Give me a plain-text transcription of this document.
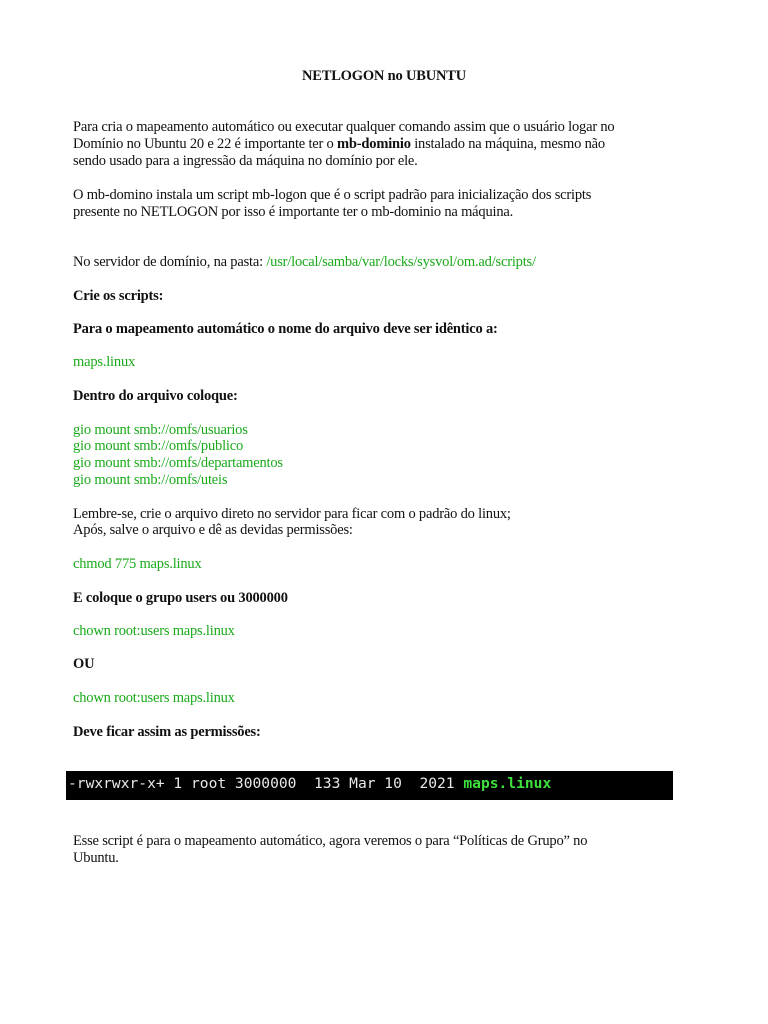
NETLOGON no UBUNTU
Para cria o mapeamento automático ou executar qualquer comando assim que o usuário logar no
Domínio no Ubuntu 20 e 22 é importante ter o mb-dominio instalado na máquina, mesmo não
sendo usado para a ingressão da máquina no domínio por ele.
O mb-domino instala um script mb-logon que é o script padrão para inicialização dos scripts
presente no NETLOGON por isso é importante ter o mb-dominio na máquina.
No servidor de domínio, na pasta: /usr/local/samba/var/locks/sysvol/om.ad/scripts/
Crie os scripts:
Para o mapeamento automático o nome do arquivo deve ser idêntico a:
maps.linux
Dentro do arquivo coloque:
gio mount smb://omfs/usuarios
gio mount smb://omfs/publico
gio mount smb://omfs/departamentos
gio mount smb://omfs/uteis
Lembre-se, crie o arquivo direto no servidor para ficar com o padrão do linux;
Após, salve o arquivo e dê as devidas permissões:
chmod 775 maps.linux
E coloque o grupo users ou 3000000
chown root:users maps.linux
OU
chown root:users maps.linux
Deve ficar assim as permissões:
-rwxrwxr-x+ 1 root 3000000  133 Mar 10  2021 maps.linux
Esse script é para o mapeamento automático, agora veremos o para “Políticas de Grupo” no
Ubuntu.
